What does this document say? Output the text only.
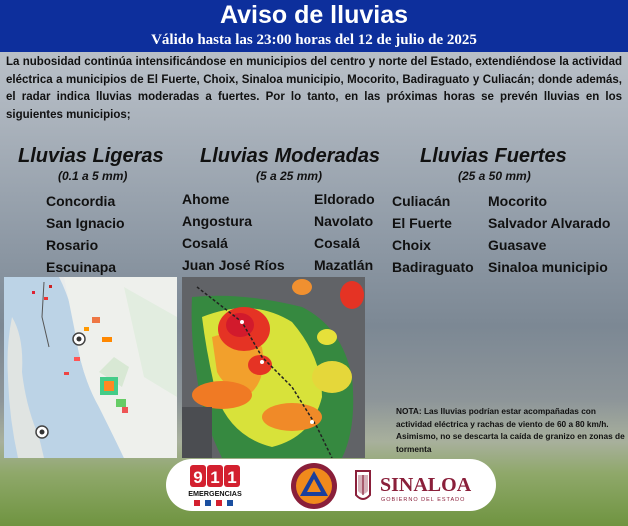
Aviso de lluvias
Válido hasta las 23:00 horas del 12 de julio de 2025
La nubosidad continúa intensificándose en municipios del centro y norte del Estado, extendiéndose la actividad eléctrica a municipios de El Fuerte, Choix, Sinaloa municipio, Mocorito, Badiraguato y Culiacán; donde además, el radar indica lluvias moderadas a fuertes. Por lo tanto, en las próximas horas se prevén lluvias en los siguientes municipios;
Lluvias Ligeras
(0.1 a 5 mm)
Concordia
San Ignacio
Rosario
Escuinapa
Lluvias Moderadas
(5 a 25 mm)
Ahome
Angostura
Cosalá
Juan José Ríos
Eldorado
Navolato
Cosalá
Mazatlán
Lluvias Fuertes
(25 a 50 mm)
Culiacán
El Fuerte
Choix
Badiraguato
Mocorito
Salvador Alvarado
Guasave
Sinaloa municipio
NOTA: Las lluvias podrían estar acompañadas con actividad eléctrica y rachas de viento de 60 a 80 km/h. Asimismo, no se descarta la caída de granizo en zonas de tormenta
9 1 1
EMERGENCIAS	SINALOA
GOBIERNO DEL ESTADO
